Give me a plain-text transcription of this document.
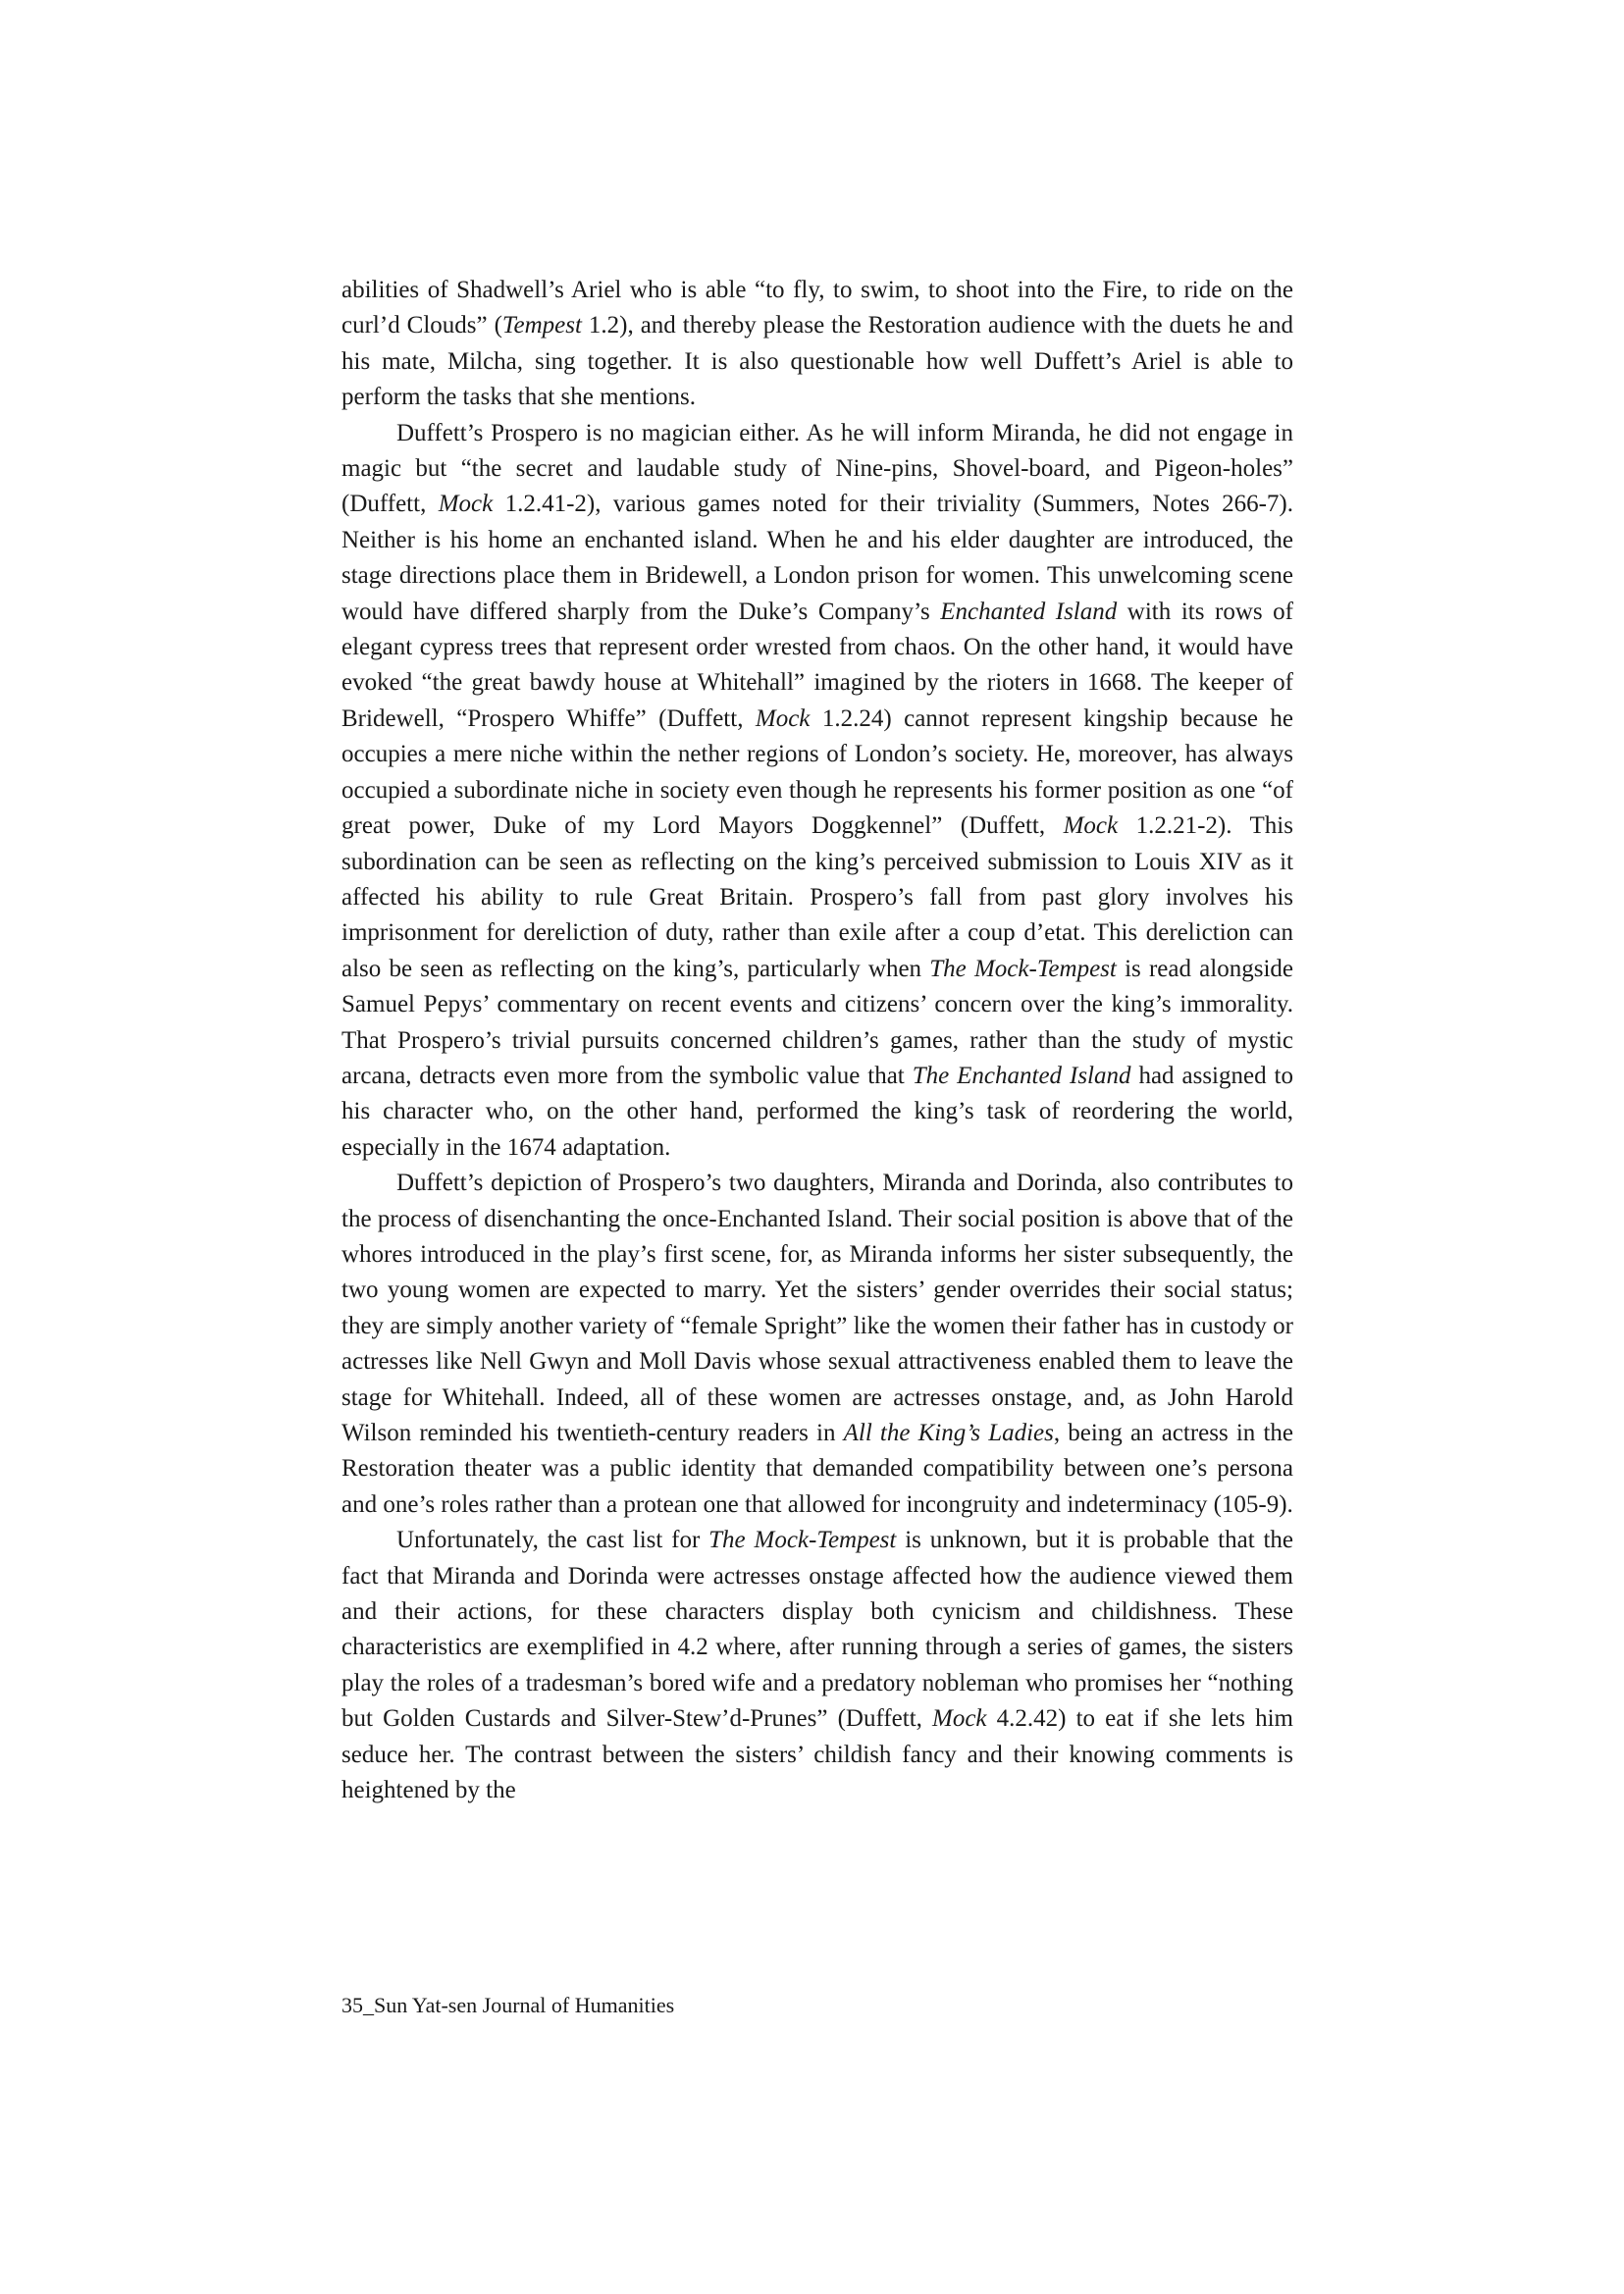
abilities of Shadwell’s Ariel who is able “to fly, to swim, to shoot into the Fire, to ride on the curl’d Clouds” (Tempest 1.2), and thereby please the Restoration audience with the duets he and his mate, Milcha, sing together. It is also questionable how well Duffett’s Ariel is able to perform the tasks that she mentions.

Duffett’s Prospero is no magician either. As he will inform Miranda, he did not engage in magic but “the secret and laudable study of Nine-pins, Shovel-board, and Pigeon-holes” (Duffett, Mock 1.2.41-2), various games noted for their triviality (Summers, Notes 266-7). Neither is his home an enchanted island. When he and his elder daughter are introduced, the stage directions place them in Bridewell, a London prison for women. This unwelcoming scene would have differed sharply from the Duke’s Company’s Enchanted Island with its rows of elegant cypress trees that represent order wrested from chaos. On the other hand, it would have evoked “the great bawdy house at Whitehall” imagined by the rioters in 1668. The keeper of Bridewell, “Prospero Whiffe” (Duffett, Mock 1.2.24) cannot represent kingship because he occupies a mere niche within the nether regions of London’s society. He, moreover, has always occupied a subordinate niche in society even though he represents his former position as one “of great power, Duke of my Lord Mayors Doggkennel” (Duffett, Mock 1.2.21-2). This subordination can be seen as reflecting on the king’s perceived submission to Louis XIV as it affected his ability to rule Great Britain. Prospero’s fall from past glory involves his imprisonment for dereliction of duty, rather than exile after a coup d’etat. This dereliction can also be seen as reflecting on the king’s, particularly when The Mock-Tempest is read alongside Samuel Pepys’ commentary on recent events and citizens’ concern over the king’s immorality. That Prospero’s trivial pursuits concerned children’s games, rather than the study of mystic arcana, detracts even more from the symbolic value that The Enchanted Island had assigned to his character who, on the other hand, performed the king’s task of reordering the world, especially in the 1674 adaptation.

Duffett’s depiction of Prospero’s two daughters, Miranda and Dorinda, also contributes to the process of disenchanting the once-Enchanted Island. Their social position is above that of the whores introduced in the play’s first scene, for, as Miranda informs her sister subsequently, the two young women are expected to marry. Yet the sisters’ gender overrides their social status; they are simply another variety of “female Spright” like the women their father has in custody or actresses like Nell Gwyn and Moll Davis whose sexual attractiveness enabled them to leave the stage for Whitehall. Indeed, all of these women are actresses onstage, and, as John Harold Wilson reminded his twentieth-century readers in All the King’s Ladies, being an actress in the Restoration theater was a public identity that demanded compatibility between one’s persona and one’s roles rather than a protean one that allowed for incongruity and indeterminacy (105-9).

Unfortunately, the cast list for The Mock-Tempest is unknown, but it is probable that the fact that Miranda and Dorinda were actresses onstage affected how the audience viewed them and their actions, for these characters display both cynicism and childishness. These characteristics are exemplified in 4.2 where, after running through a series of games, the sisters play the roles of a tradesman’s bored wife and a predatory nobleman who promises her “nothing but Golden Custards and Silver-Stew’d-Prunes” (Duffett, Mock 4.2.42) to eat if she lets him seduce her. The contrast between the sisters’ childish fancy and their knowing comments is heightened by the

35_Sun Yat-sen Journal of Humanities
